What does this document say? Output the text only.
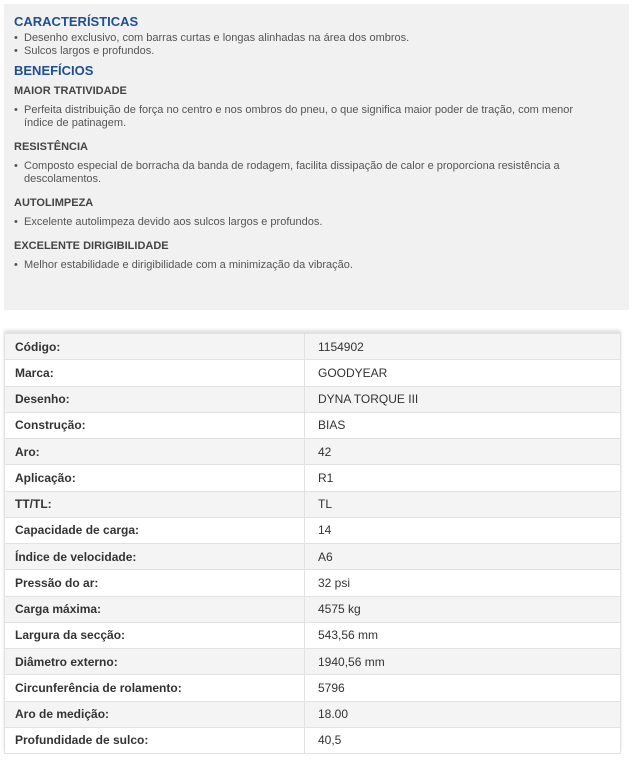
CARACTERÍSTICAS
• Desenho exclusivo, com barras curtas e longas alinhadas na área dos ombros.
• Sulcos largos e profundos.
BENEFÍCIOS
MAIOR TRATIVIDADE
• Perfeita distribuição de força no centro e nos ombros do pneu, o que significa maior poder de tração, com menor índice de patinagem.
RESISTÊNCIA
• Composto especial de borracha da banda de rodagem, facilita dissipação de calor e proporciona resistência a descolamentos.
AUTOLIMPEZA
• Excelente autolimpeza devido aos sulcos largos e profundos.
EXCELENTE DIRIGIBILIDADE
• Melhor estabilidade e dirigibilidade com a minimização da vibração.
Código:	1154902
Marca:	GOODYEAR
Desenho:	DYNA TORQUE III
Construção:	BIAS
Aro:	42
Aplicação:	R1
TT/TL:	TL
Capacidade de carga:	14
Índice de velocidade:	A6
Pressão do ar:	32 psi
Carga máxima:	4575 kg
Largura da secção:	543,56 mm
Diâmetro externo:	1940,56 mm
Circunferência de rolamento:	5796
Aro de medição:	18.00
Profundidade de sulco:	40,5
